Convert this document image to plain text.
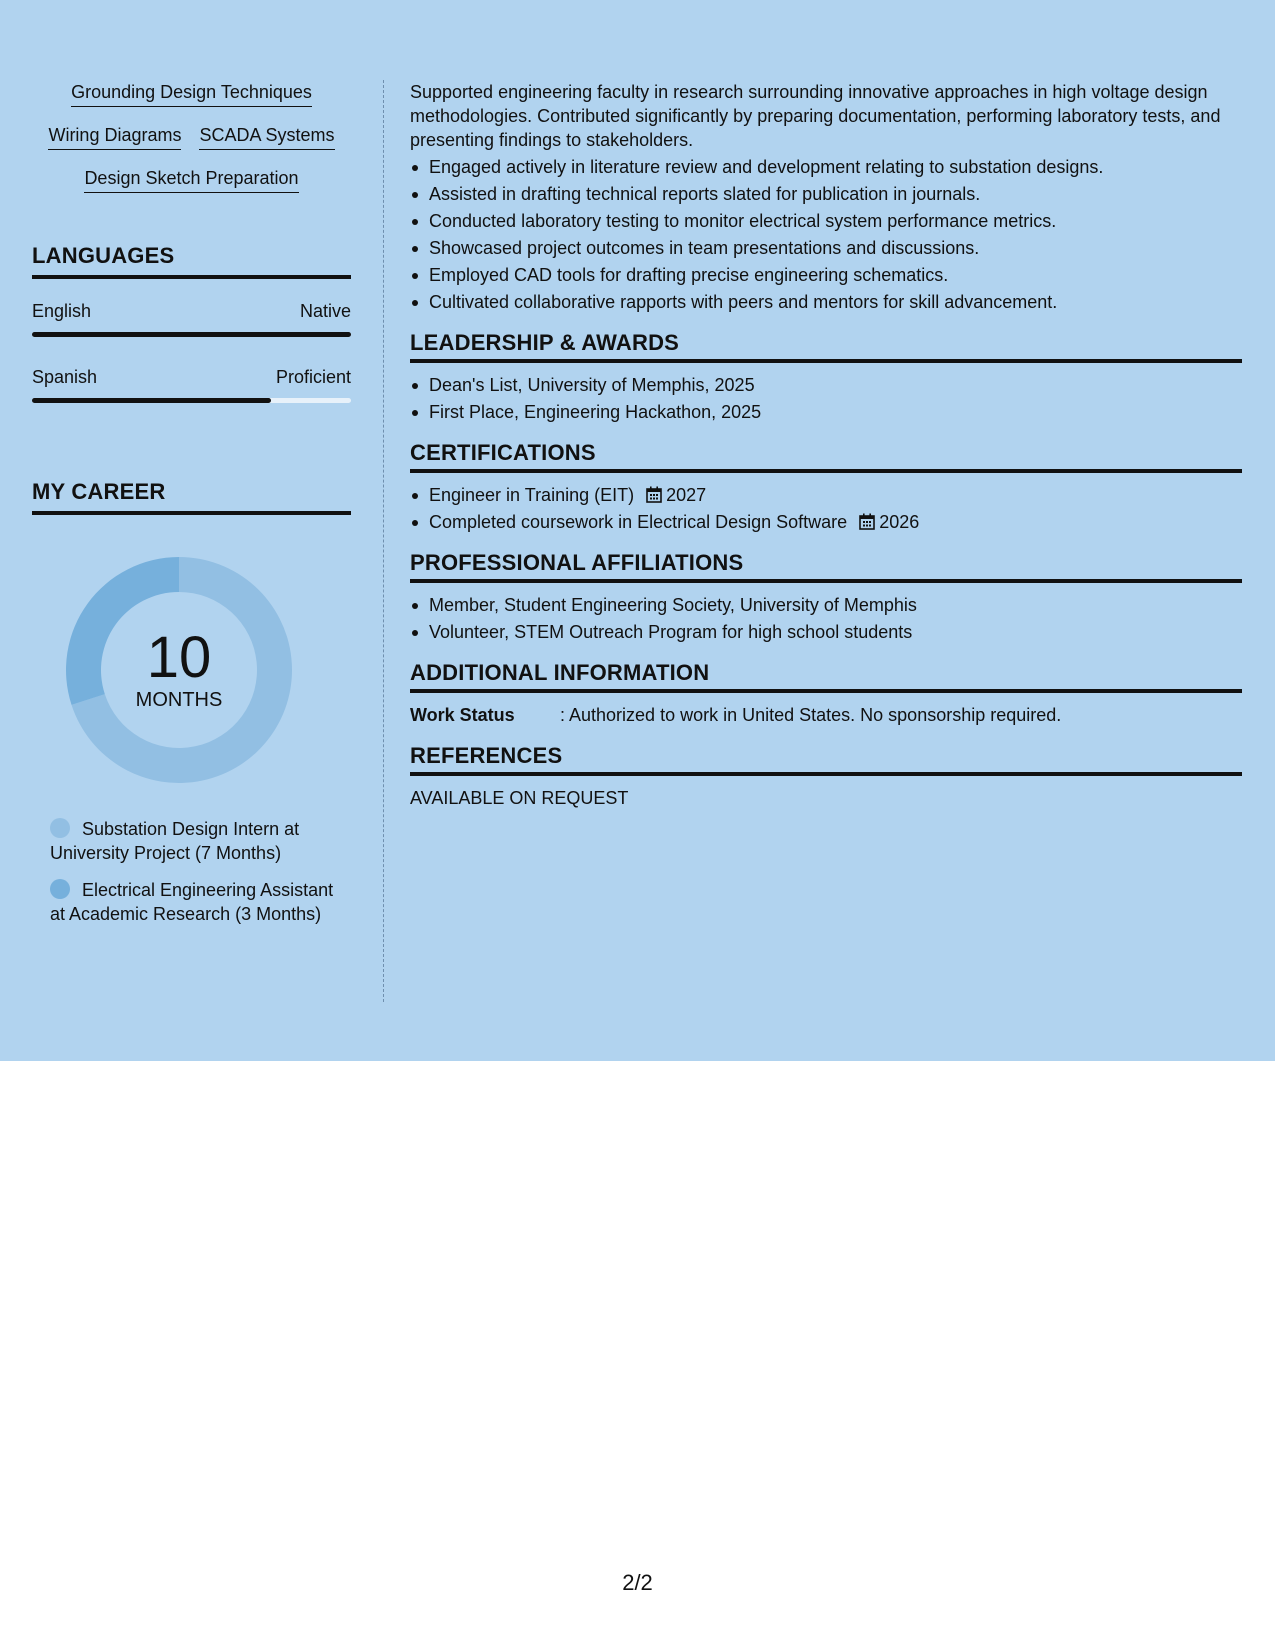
Grounding Design Techniques
Wiring Diagrams SCADA Systems
Design Sketch Preparation
LANGUAGES
English	Native
Spanish	Proficient
MY CAREER
10
MONTHS
Substation Design Intern at University Project (7 Months)
Electrical Engineering Assistant at Academic Research (3 Months)

Supported engineering faculty in research surrounding innovative approaches in high voltage design methodologies. Contributed significantly by preparing documentation, performing laboratory tests, and presenting findings to stakeholders.

Engaged actively in literature review and development relating to substation designs.
Assisted in drafting technical reports slated for publication in journals.
Conducted laboratory testing to monitor electrical system performance metrics.
Showcased project outcomes in team presentations and discussions.
Employed CAD tools for drafting precise engineering schematics.
Cultivated collaborative rapports with peers and mentors for skill advancement.
LEADERSHIP & AWARDS
Dean's List, University of Memphis, 2025
First Place, Engineering Hackathon, 2025
CERTIFICATIONS
Engineer in Training (EIT) 2027
Completed coursework in Electrical Design Software 2026
PROFESSIONAL AFFILIATIONS
Member, Student Engineering Society, University of Memphis
Volunteer, STEM Outreach Program for high school students
ADDITIONAL INFORMATION
Work Status	: Authorized to work in United States. No sponsorship required.
REFERENCES

AVAILABLE ON REQUEST

2/2
